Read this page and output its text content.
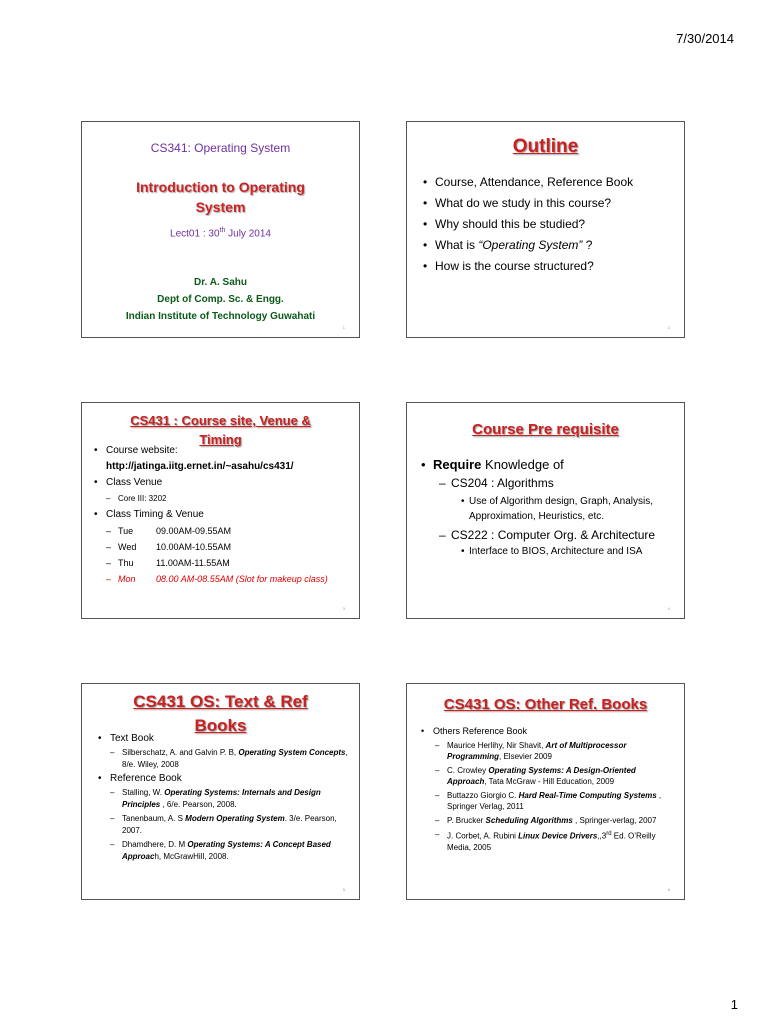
7/30/2014
CS341: Operating System
Introduction to Operating
System
Lect01 : 30th July 2014
Dr. A. Sahu
Dept of Comp. Sc. & Engg.
Indian Institute of Technology Guwahati
1
Outline
• Course, Attendance, Reference Book
• What do we study in this course?
• Why should this be studied?
• What is “Operating System” ?
• How is the course structured?
2
CS431 : Course site, Venue &
Timing
• Course website:
http://jatinga.iitg.ernet.in/~asahu/cs431/
• Class Venue
– Core III: 3202
• Class Timing & Venue
– Tue	09.00AM-09.55AM
– Wed	10.00AM-10.55AM
– Thu	11.00AM-11.55AM
– Mon	08.00 AM-08.55AM (Slot for makeup class)
3
Course Pre requisite
• Require Knowledge of
– CS204 : Algorithms
• Use of Algorithm design, Graph, Analysis, Approximation, Heuristics, etc.
– CS222 : Computer Org. & Architecture
• Interface to BIOS, Architecture and ISA
4
CS431 OS: Text & Ref
Books
• Text Book
– Silberschatz, A. and Galvin P. B, Operating System Concepts, 8/e. Wiley, 2008
• Reference Book
– Stalling, W. Operating Systems: Internals and Design Principles , 6/e. Pearson, 2008.
– Tanenbaum, A. S Modern Operating System. 3/e. Pearson, 2007.
– Dhamdhere, D. M Operating Systems: A Concept Based Approach, McGrawHill, 2008.
5
CS431 OS: Other Ref. Books
• Others Reference Book
– Maurice Herlihy, Nir Shavit, Art of Multiprocessor Programming, Elsevier 2009
– C. Crowley Operating Systems: A Design-Oriented Approach, Tata McGraw - Hill Education, 2009
– Buttazzo Giorgio C. Hard Real-Time Computing Systems , Springer Verlag, 2011
– P. Brucker Scheduling Algorithms , Springer-verlag, 2007
– J. Corbet, A. Rubini Linux Device Drivers,,3rd Ed. O’Reilly Media, 2005
6
1
